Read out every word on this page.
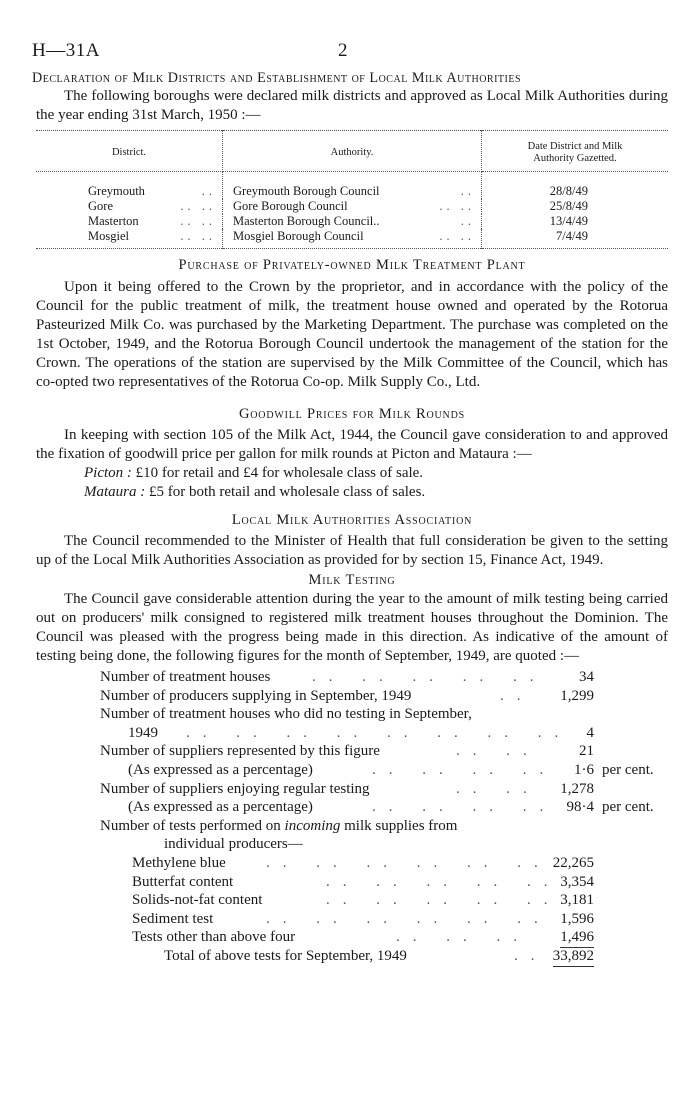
H—31A	2
Declaration of Milk Districts and Establishment of Local Milk Authorities

The following boroughs were declared milk districts and approved as Local Milk Authorities during the year ending 31st March, 1950 :—

District.	Authority.	Date District and Milk Authority Gazetted.
Greymouth ..	Greymouth Borough Council ..	28/8/49
Gore .. ..	Gore Borough Council .. ..	25/8/49
Masterton .. ..	Masterton Borough Council.. ..	13/4/49
Mosgiel .. ..	Mosgiel Borough Council .. ..	7/4/49
Purchase of Privately-owned Milk Treatment Plant

Upon it being offered to the Crown by the proprietor, and in accordance with the policy of the Council for the public treatment of milk, the treatment house owned and operated by the Rotorua Pasteurized Milk Co. was purchased by the Marketing Department. The purchase was completed on the 1st October, 1949, and the Rotorua Borough Council undertook the management of the station for the Crown. The operations of the station are supervised by the Milk Committee of the Council, which has co-opted two representatives of the Rotorua Co-op. Milk Supply Co., Ltd.

Goodwill Prices for Milk Rounds

In keeping with section 105 of the Milk Act, 1944, the Council gave consideration to and approved the fixation of goodwill price per gallon for milk rounds at Picton and Mataura :—

Picton : £10 for retail and £4 for wholesale class of sale.
Mataura : £5 for both retail and wholesale class of sales.
Local Milk Authorities Association

The Council recommended to the Minister of Health that full consideration be given to the setting up of the Local Milk Authorities Association as provided for by section 15, Finance Act, 1949.

Milk Testing

The Council gave considerable attention during the year to the amount of milk testing being carried out on producers' milk consigned to registered milk treatment houses throughout the Dominion. The Council was pleased with the progress being made in this direction. As indicative of the amount of testing being done, the following figures for the month of September, 1949, are quoted :—

Number of treatment houses	.. .. .. .. .. 34
Number of producers supplying in September, 1949	.. 1,299
Number of treatment houses who did no testing in September,
1949 .. .. .. .. .. .. .. .. 4
Number of suppliers represented by this figure	.. ..	21
(As expressed as a percentage)	.. .. .. .. 1·6 per cent.
Number of suppliers enjoying regular testing	.. .. 1,278
(As expressed as a percentage)	.. .. .. .. 98·4 per cent.
Number of tests performed on incoming milk supplies from
individual producers—
Methylene blue	.. .. .. .. .. .. 22,265
Butterfat content	.. .. .. .. .. 3,354
Solids-not-fat content	.. .. .. .. .. 3,181
Sediment test	.. .. .. .. .. .. 1,596
Tests other than above four	.. .. .. 1,496
Total of above tests for September, 1949	.. 33,892
